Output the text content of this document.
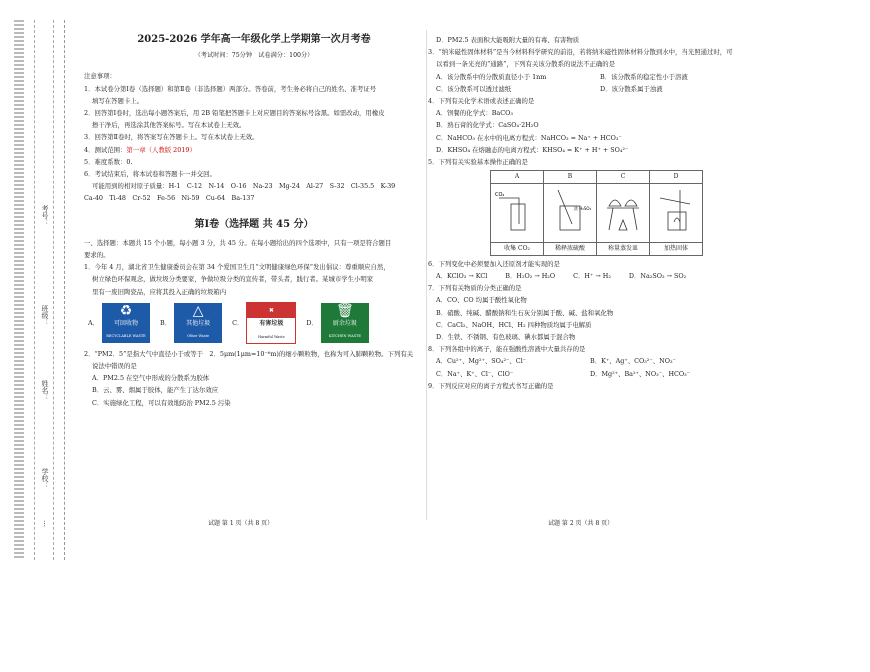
学校：
姓名：
班级：
考号：
…
2025-2026 学年高一年级化学上学期第一次月考卷
（考试时间：75分钟　试卷满分：100分）

注意事项：

1．本试卷分第Ⅰ卷（选择题）和第Ⅱ卷（非选择题）两部分。答卷前，考生务必将自己的姓名、准考证号

填写在答题卡上。

2．回答第Ⅰ卷时，选出每小题答案后，用 2B 铅笔把答题卡上对应题目的答案标号涂黑。如需改动，用橡皮

擦干净后，再选涂其他答案标号。写在本试卷上无效。

3．回答第Ⅱ卷时，将答案写在答题卡上。写在本试卷上无效。

4．测试范围：第一章（人教版 2019）

5．难度系数：0.

6．考试结束后，将本试卷和答题卡一并交回。

可能用到的相对原子质量：H-1　C-12　N-14　O-16　Na-23　Mg-24　Al-27　S-32　Cl-35.5　K-39

Ca-40　Ti-48　Cr-52　Fe-56　Ni-59　Cu-64　Ba-137

第Ⅰ卷（选择题 共 45 分）

一、选择题：本题共 15 个小题，每小题 3 分，共 45 分。在每小题给出的四个选项中，只有一项是符合题目

要求的。

1．今年 4 月，湖北省卫生健康委员会在第 34 个爱国卫生月“文明健康绿色环保”发出倡议：尊重顺应自然，

树立绿色环保观念，做垃圾分类要家，争做垃圾分类的宣传者，带头者，践行者。某城市学生小明家

里有一废旧陶瓷品，应将其投入正确的垃圾箱内

A．
♻
可回收物
RECYCLABLE WASTE
B．
△
其他垃圾
Other Waste
C．
✖
有害垃圾
Harmful Waste
D．
🗑
厨余垃圾
KITCHEN WASTE

2．“PM2．5”是指大气中直径小于或等于　2．5μm(1μm=10⁻⁶m)的细小颗粒物，也称为可入肺颗粒物。下列有关

说法中错误的是

A．PM2.5 在空气中形成的分散系为胶体

B．云、雾、烟属于胶体，能产生丁达尔效应

C．实施绿化工程，可以有效地防治 PM2.5 污染

D．PM2.5 表面积大能吸附大量的有毒、有害物质

3．“纳米磁性固体材料”是当今材料科学研究的前沿，若将纳米磁性固体材料分散到水中，当光照通过时，可

以看到一条光亮的“通路”，下列有关该分散系的说法不正确的是

A．该分散系中的分散质直径小于 1nm	B．该分散系的稳定性小于溶液
C．该分散系可以透过滤纸	D．该分散系属于浊液

4．下列有关化学术语或表述正确的是

A．钡餐的化学式：BaCO₃

B．熟石膏的化学式：CaSO₄·2H₂O

C．NaHCO₃ 在水中的电离方程式：NaHCO₃ = Na⁺ + HCO₃⁻

D．KHSO₄ 在熔融态的电离方程式：KHSO₄ = K⁺ + H⁺ + SO₄²⁻

5．下列有关实验基本操作正确的是

A	B	C	D

CO₂	浓 H₂SO₄

收集 CO₂	稀释浓硫酸	称量蒸发皿	加热固体

6．下列变化中必须要加入还原剂才能实现的是

A．KClO₃ → KCl	B．H₂O₂ → H₂O	C．H⁺ → H₂	D．Na₂SO₃ → SO₂

7．下列有关物质的分类正确的是

A．CO、CO 均属于酸性氧化物

B．硝酸、纯碱、醋酸钠和生石灰分别属于酸、碱、盐和氧化物

C．CaCl₂、NaOH、HCl、H₂ 四种物质均属于电解质

D．生铁、不锈钢、有色玻璃、碘水都属于混合物

8．下列各组中的离子，能在强酸性溶液中大量共存的是

A．Cu²⁺、Mg²⁺、SO₄²⁻、Cl⁻	B．K⁺、Ag⁺、CO₃²⁻、NO₃⁻
C．Na⁺、K⁺、Cl⁻、ClO⁻	D．Mg²⁺、Ba²⁺、NO₃⁻、HCO₃⁻

9．下列反应对应的离子方程式书写正确的是

试题 第 1 页（共 8 页）	试题 第 2 页（共 8 页）
